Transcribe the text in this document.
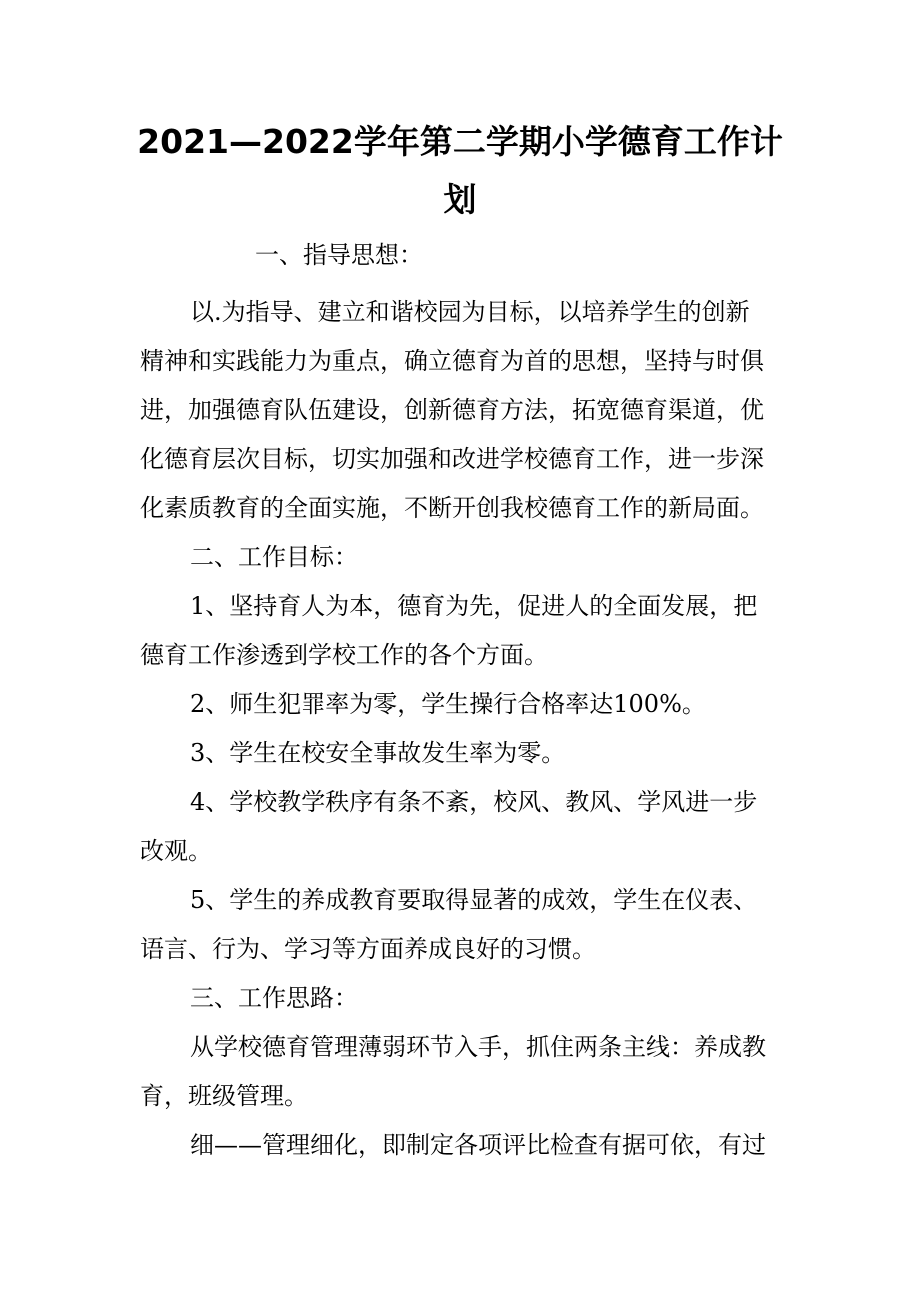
2021—2022学年第二学期小学德育工作计
划

一、指导思想：

以.为指导、建立和谐校园为目标，以培养学生的创新

精神和实践能力为重点，确立德育为首的思想，坚持与时俱

进，加强德育队伍建设，创新德育方法，拓宽德育渠道，优

化德育层次目标，切实加强和改进学校德育工作，进一步深

化素质教育的全面实施，不断开创我校德育工作的新局面。

二、工作目标：

1、坚持育人为本，德育为先，促进人的全面发展，把

德育工作渗透到学校工作的各个方面。

2、师生犯罪率为零，学生操行合格率达100%。

3、学生在校安全事故发生率为零。

4、学校教学秩序有条不紊，校风、教风、学风进一步

改观。

5、学生的养成教育要取得显著的成效，学生在仪表、

语言、行为、学习等方面养成良好的习惯。

三、工作思路：

从学校德育管理薄弱环节入手，抓住两条主线：养成教

育，班级管理。

细——管理细化，即制定各项评比检查有据可依，有过
